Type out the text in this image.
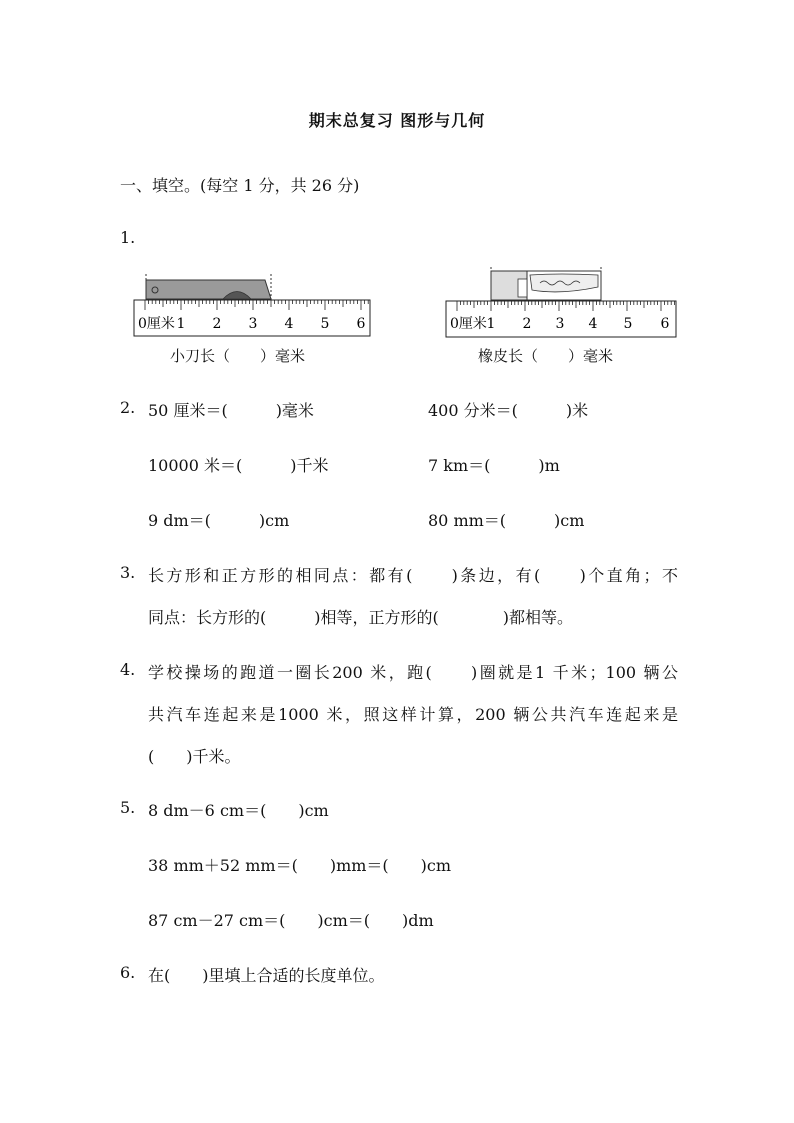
期末总复习 图形与几何
一、填空。(每空 1 分，共 26 分)
1.
0厘米 1 2 3 4 5 6
小刀长（　　）毫米
0厘米 1 2 3 4 5 6
橡皮长（　　）毫米
2. 50 厘米＝(　　　)毫米	400 分米＝(　　　)米
10000 米＝(　　　)千米	7 km＝(　　　)m
9 dm＝(　　　)cm	80 mm＝(　　　)cm
3. 长方形和正方形的相同点：都有(　　)条边，有(　　)个直角；不
同点：长方形的(　　　)相等，正方形的(　　　　)都相等。
4. 学校操场的跑道一圈长200 米，跑(　　)圈就是1 千米；100 辆公
共汽车连起来是1000 米，照这样计算，200 辆公共汽车连起来是
(　　)千米。
5. 8 dm－6 cm＝(　　)cm
38 mm＋52 mm＝(　　)mm＝(　　)cm
87 cm－27 cm＝(　　)cm＝(　　)dm
6. 在(　　)里填上合适的长度单位。
